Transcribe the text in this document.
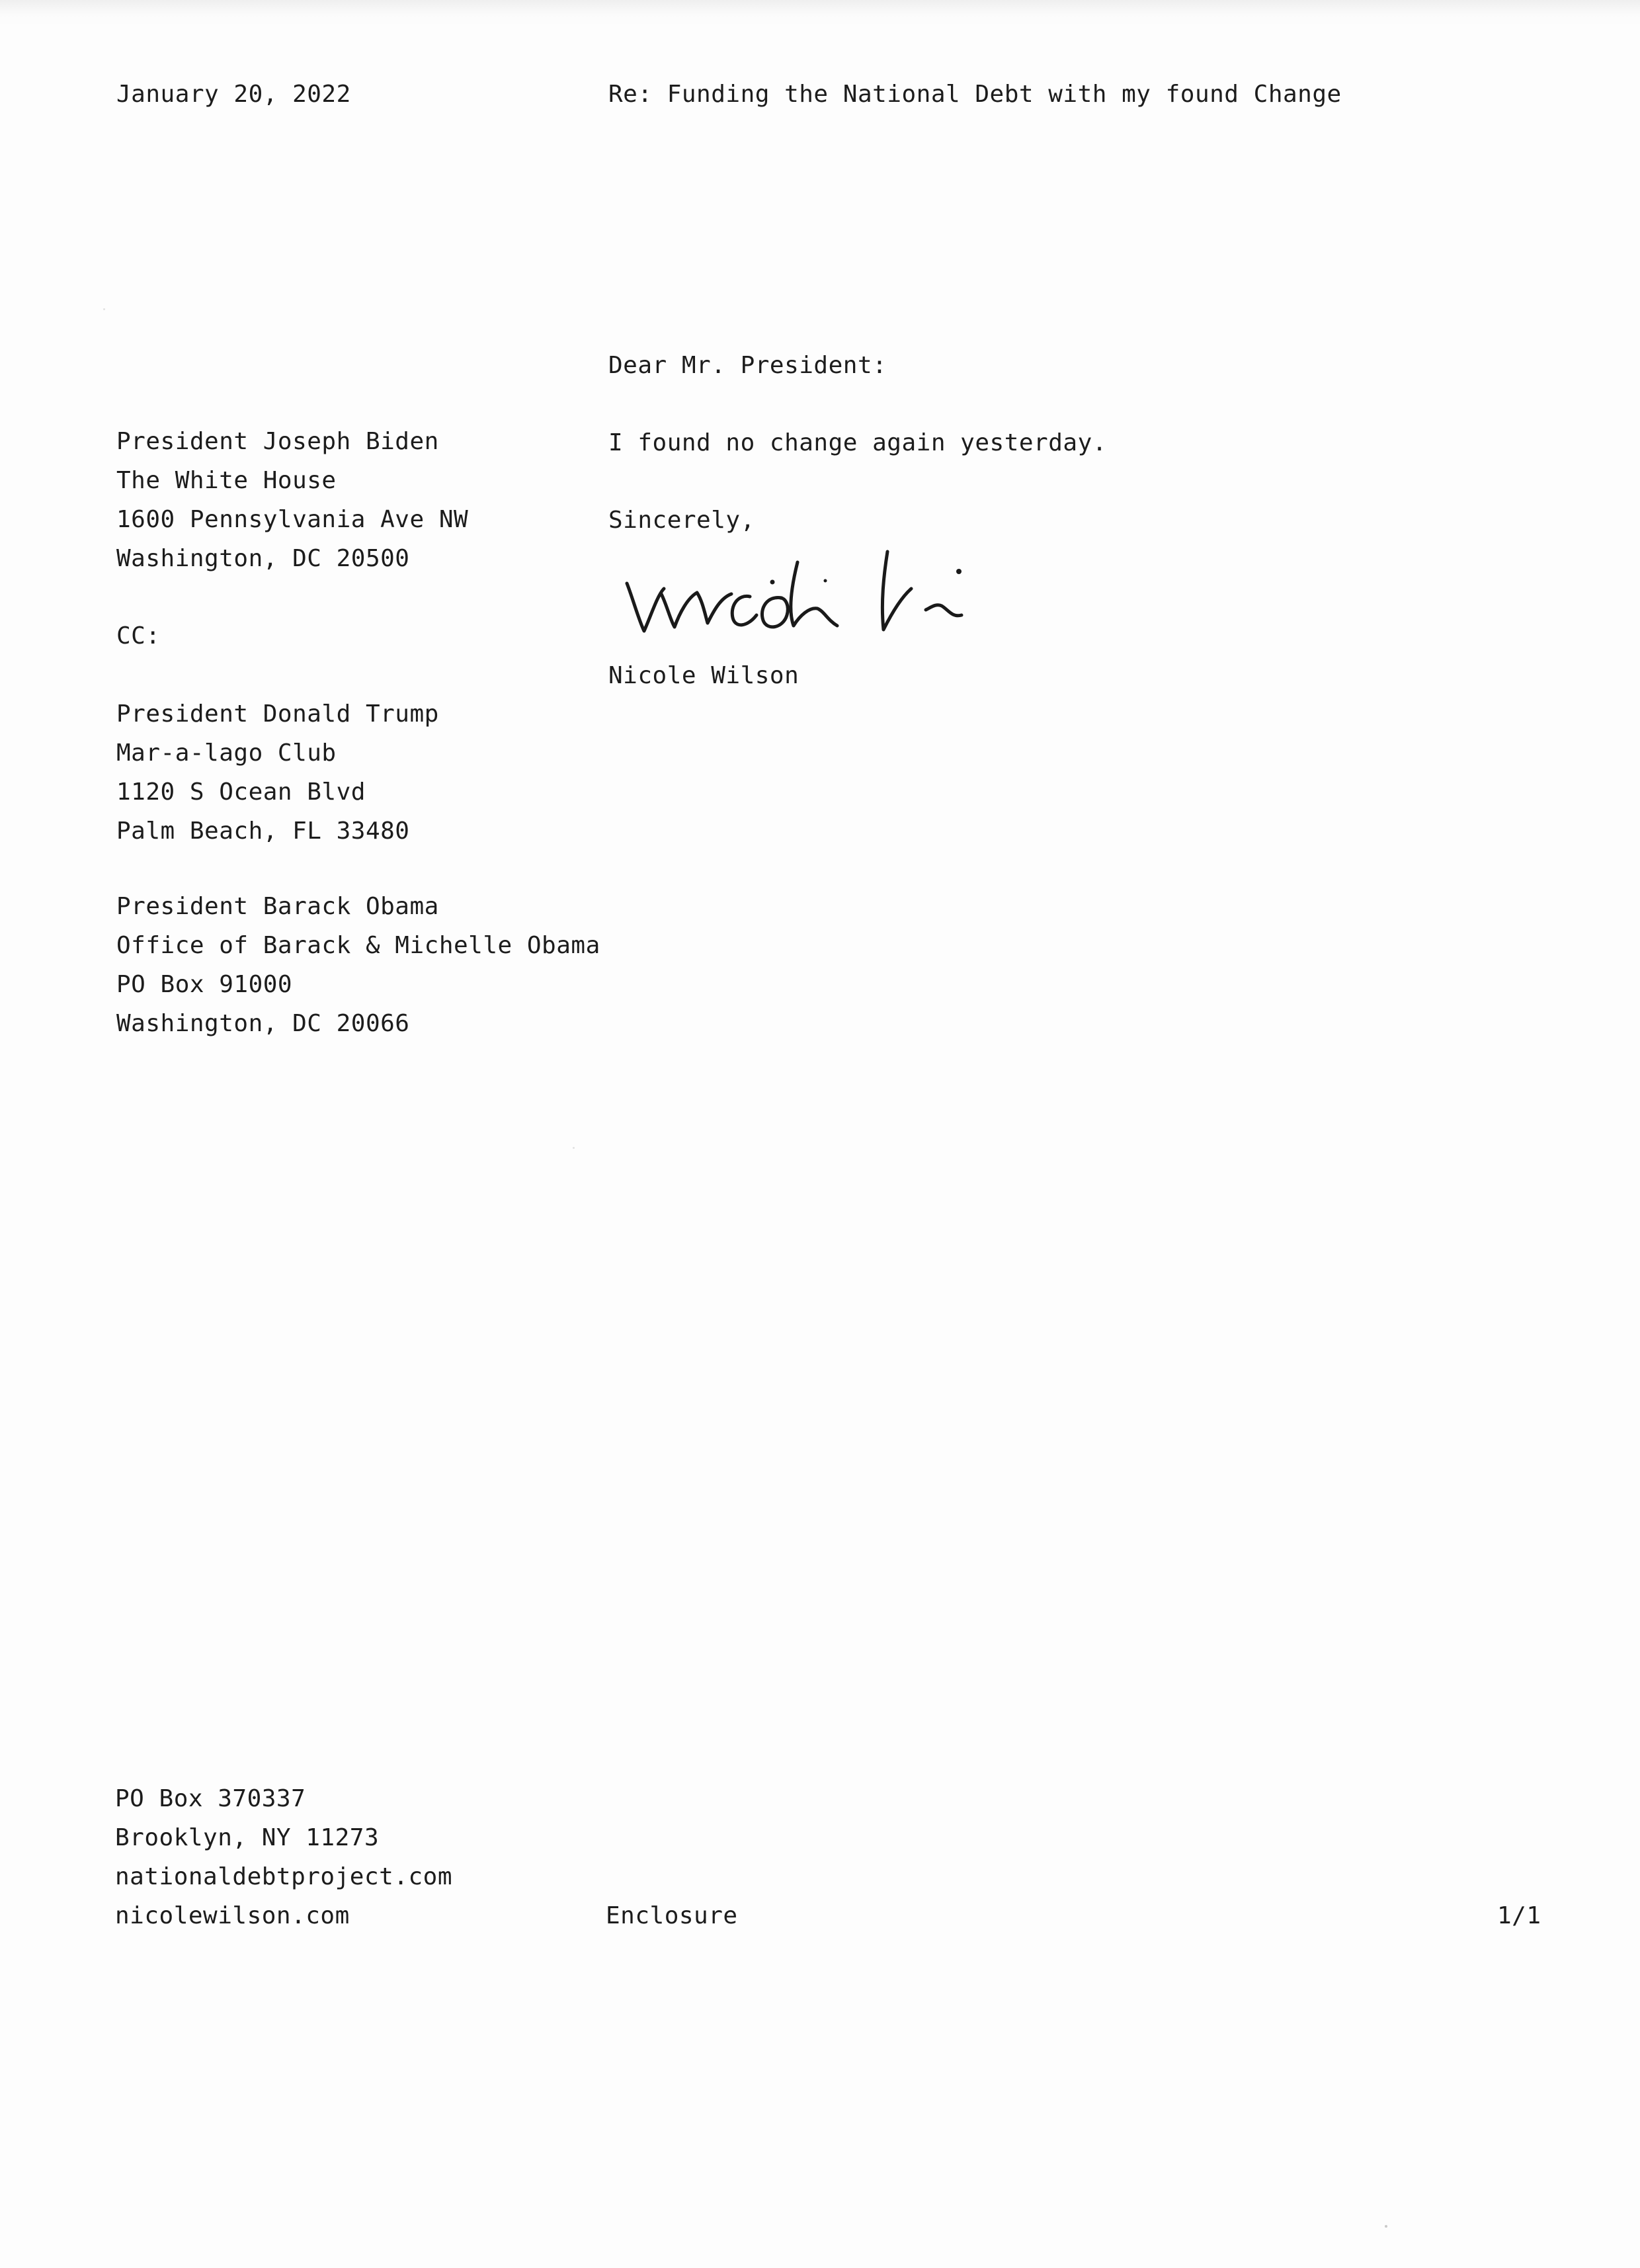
January 20, 2022	Re: Funding the National Debt with my found Change
Dear Mr. President:
I found no change again yesterday.
Sincerely,
Nicole Wilson
President Joseph Biden
The White House
1600 Pennsylvania Ave NW
Washington, DC 20500
CC:
President Donald Trump
Mar-a-lago Club
1120 S Ocean Blvd
Palm Beach, FL 33480
President Barack Obama
Office of Barack & Michelle Obama
PO Box 91000
Washington, DC 20066
PO Box 370337
Brooklyn, NY 11273
nationaldebtproject.com
nicolewilson.com	Enclosure	1/1
